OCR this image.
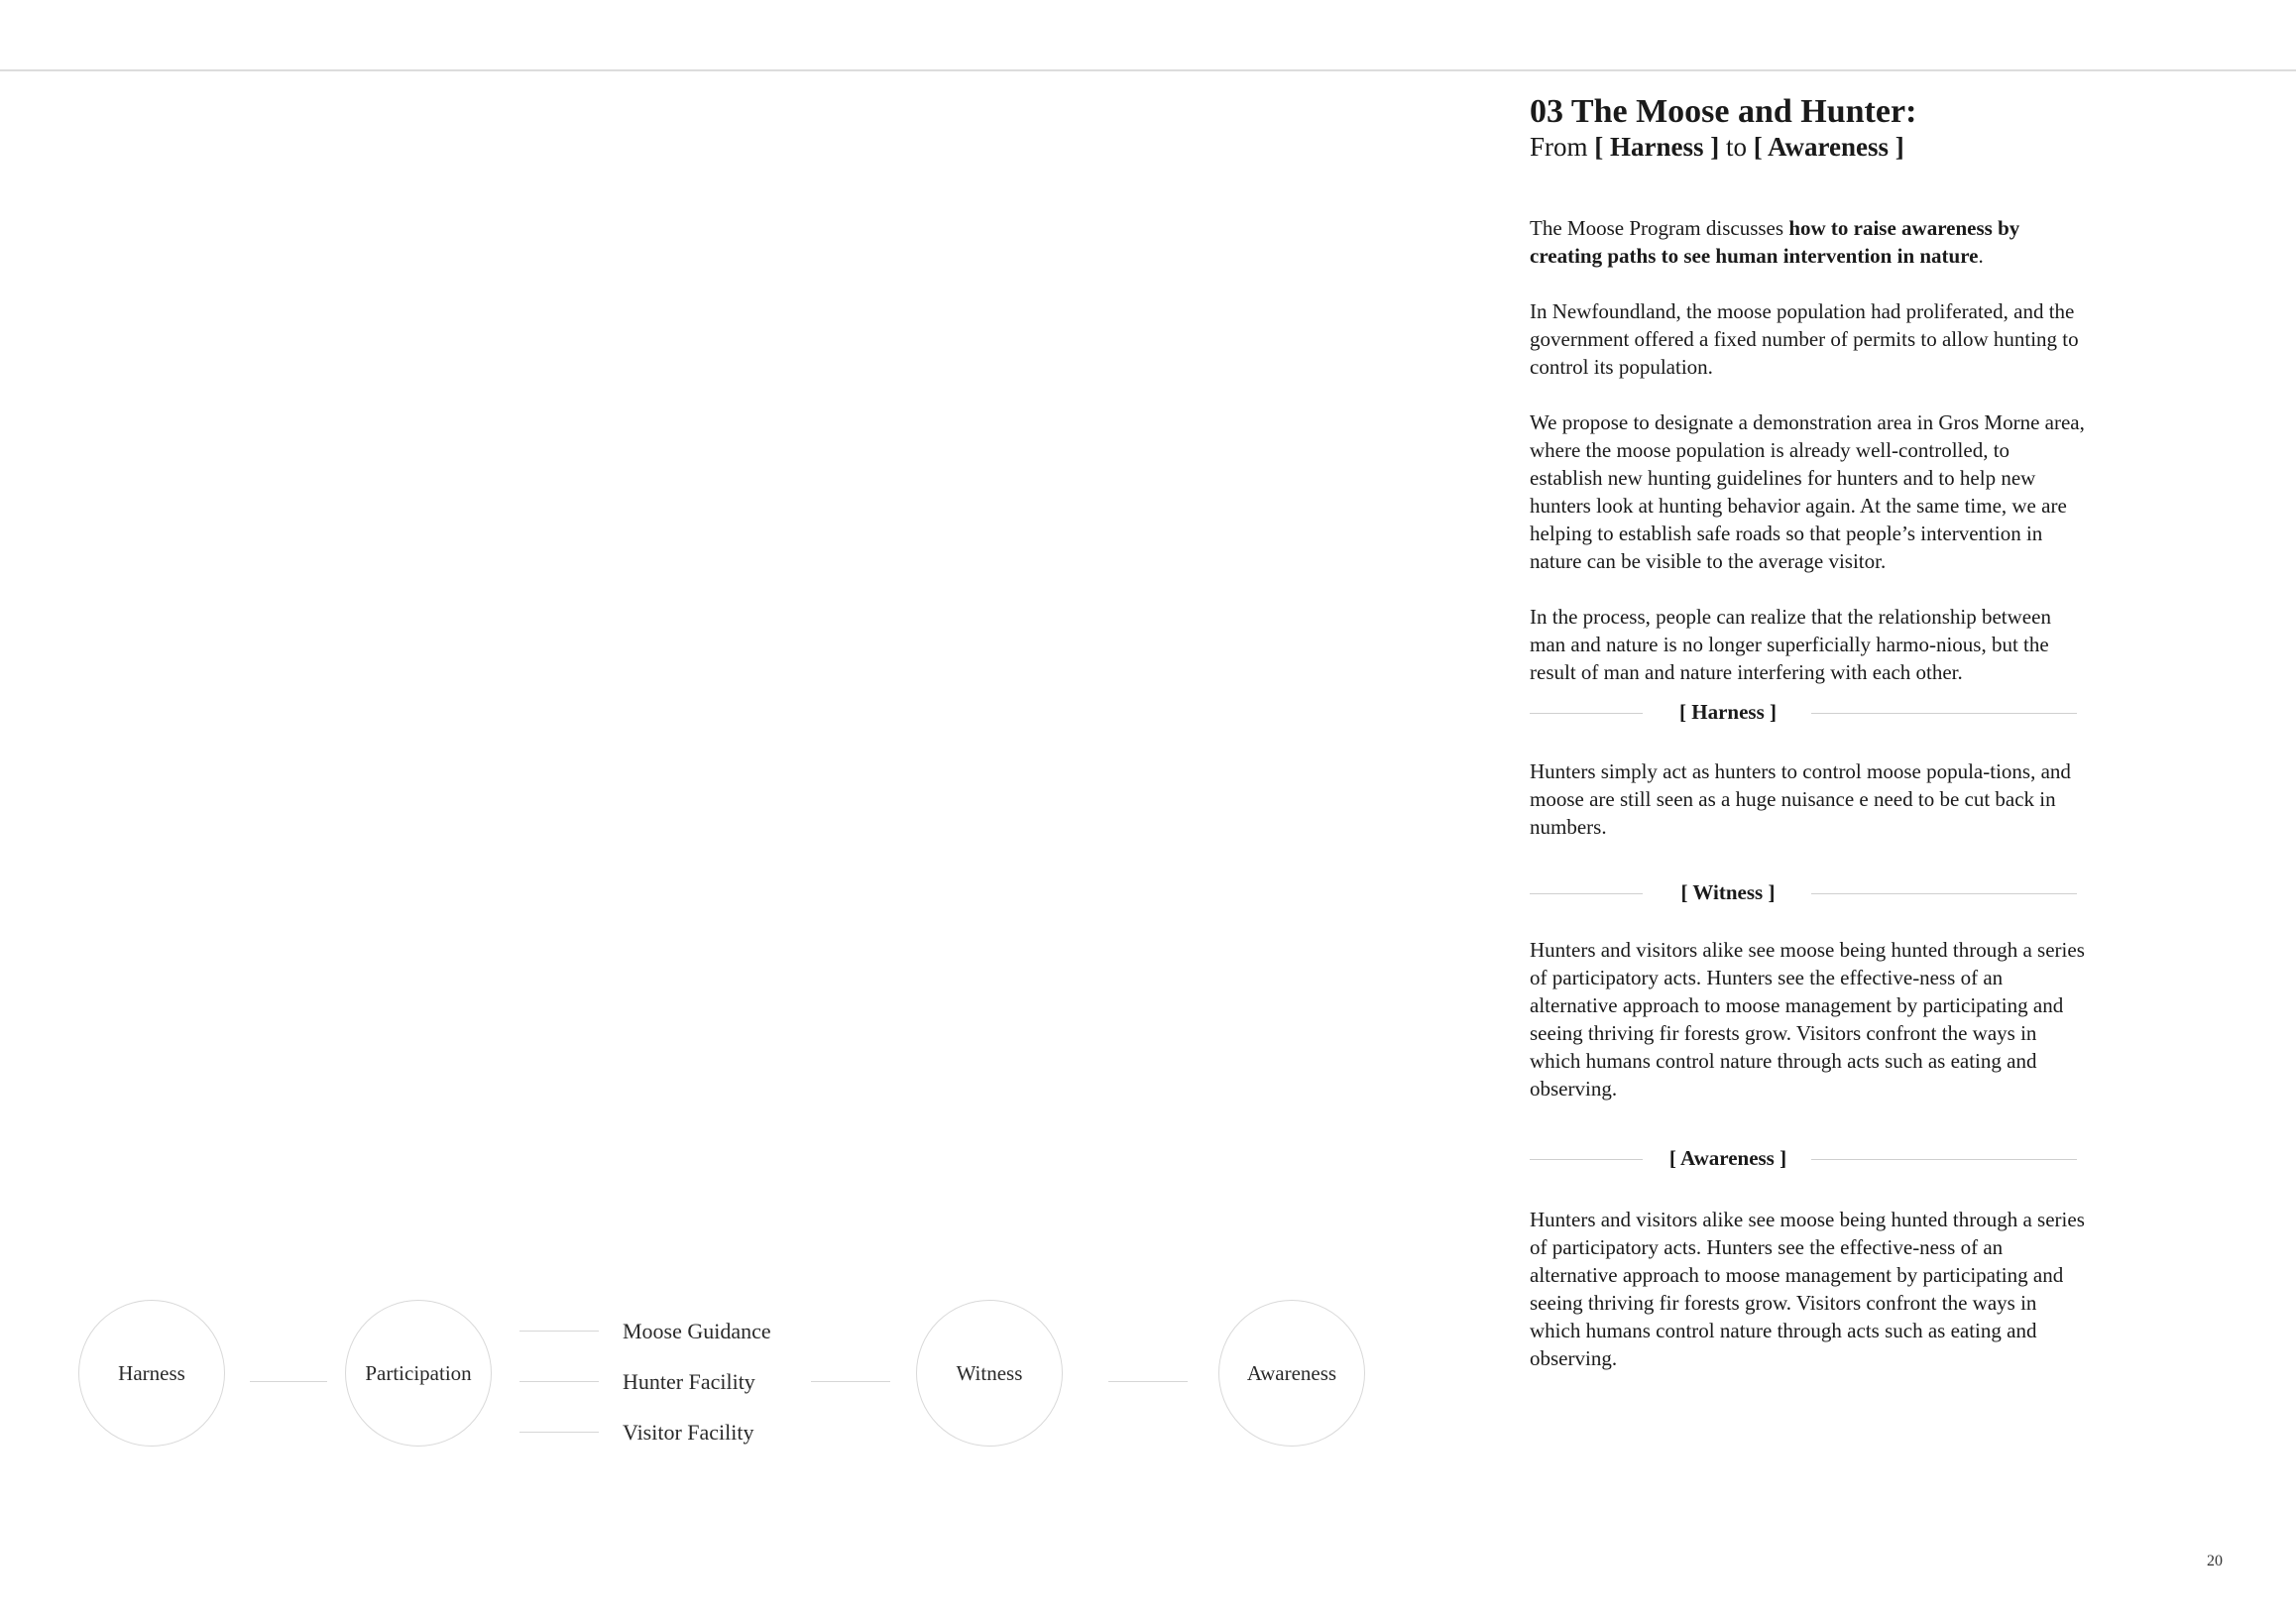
Harness	Participation
Moose Guidance
Hunter Facility
Visitor Facility
Witness	Awareness
03 The Moose and Hunter:

From [ Harness ] to [ Awareness ]

The Moose Program discusses how to raise awareness by creating paths to see human intervention in nature.

In Newfoundland, the moose population had proliferated, and the government offered a fixed number of permits to allow hunting to control its population.

We propose to designate a demonstration area in Gros Morne area, where the moose population is already well-controlled, to establish new hunting guidelines for hunters and to help new hunters look at hunting behavior again. At the same time, we are helping to establish safe roads so that people’s intervention in nature can be visible to the average visitor.

In the process, people can realize that the relationship between man and nature is no longer superficially harmo-nious, but the result of man and nature interfering with each other.

[ Harness ]

Hunters simply act as hunters to control moose popula-tions, and moose are still seen as a huge nuisance e need to be cut back in numbers.

[ Witness ]

Hunters and visitors alike see moose being hunted through a series of participatory acts. Hunters see the effective-ness of an alternative approach to moose management by participating and seeing thriving fir forests grow. Visitors confront the ways in which humans control nature through acts such as eating and observing.

[ Awareness ]

Hunters and visitors alike see moose being hunted through a series of participatory acts. Hunters see the effective-ness of an alternative approach to moose management by participating and seeing thriving fir forests grow. Visitors confront the ways in which humans control nature through acts such as eating and observing.

20
